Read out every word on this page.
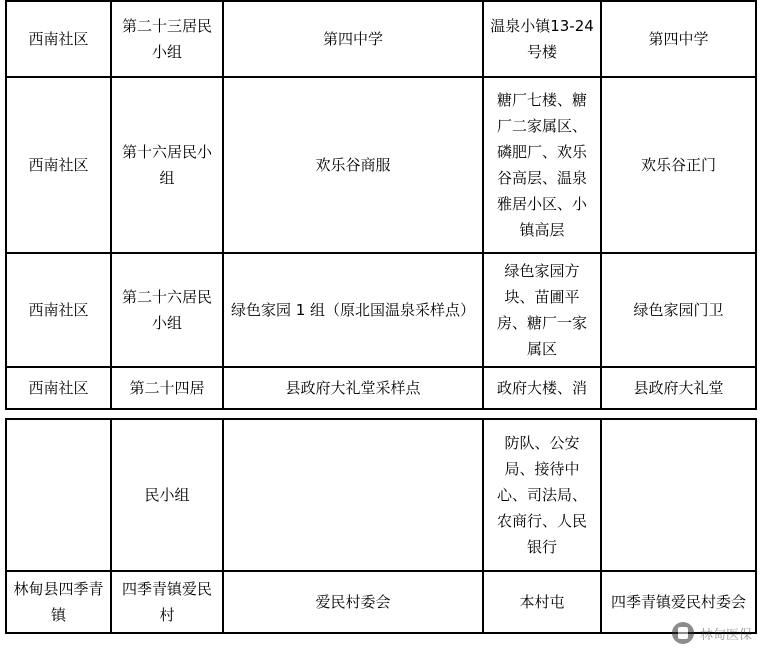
西南社区	第二十三居民小组	第四中学	温泉小镇13-24 号楼	第四中学
西南社区	第十六居民小组	欢乐谷商服	糖厂七楼、糖厂二家属区、磷肥厂、欢乐谷高层、温泉雅居小区、小镇高层	欢乐谷正门
西南社区	第二十六居民小组	绿色家园 1 组（原北国温泉采样点）	绿色家园方块、苗圃平房、糖厂一家属区	绿色家园门卫
西南社区	第二十四居	县政府大礼堂采样点	政府大楼、消	县政府大礼堂
	民小组		防队、公安局、接待中心、司法局、农商行、人民银行	
林甸县四季青镇	四季青镇爱民村	爱民村委会	本村屯	四季青镇爱民村委会
林甸医保
